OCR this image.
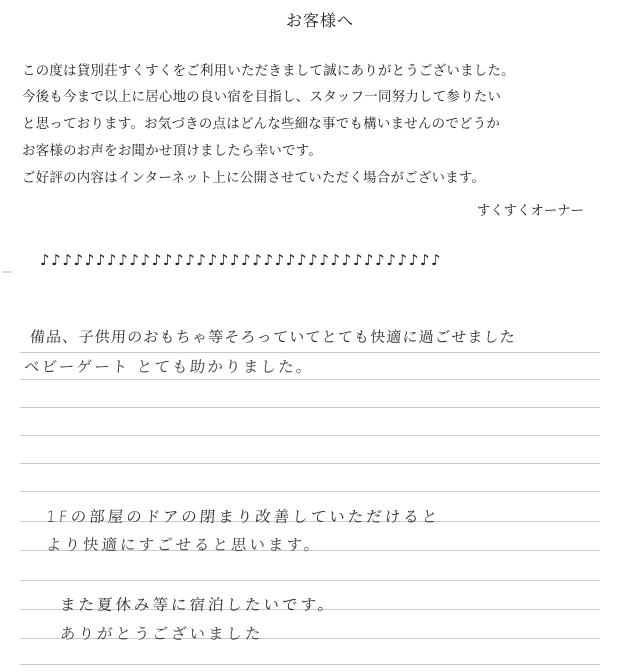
お客様へ
この度は貸別荘すくすくをご利用いただきまして誠にありがとうございました。
今後も今まで以上に居心地の良い宿を目指し、スタッフ一同努力して参りたい
と思っております。お気づきの点はどんな些細な事でも構いませんのでどうか
お客様のお声をお聞かせ頂けましたら幸いです。
ご好評の内容はインターネット上に公開させていただく場合がございます。
すくすくオーナー
♪♪♪♪♪♪♪♪♪♪♪♪♪♪♪♪♪♪♪♪♪♪♪♪♪♪♪♪♪♪♪♪♪♪♪♪
備品、子供用のおもちゃ等そろっていてとても快適に過ごせました
ベビーゲート とても助かりました。
1Fの部屋のドアの閉まり改善していただけると
より快適にすごせると思います。
また夏休み等に宿泊したいです。
ありがとうございました
